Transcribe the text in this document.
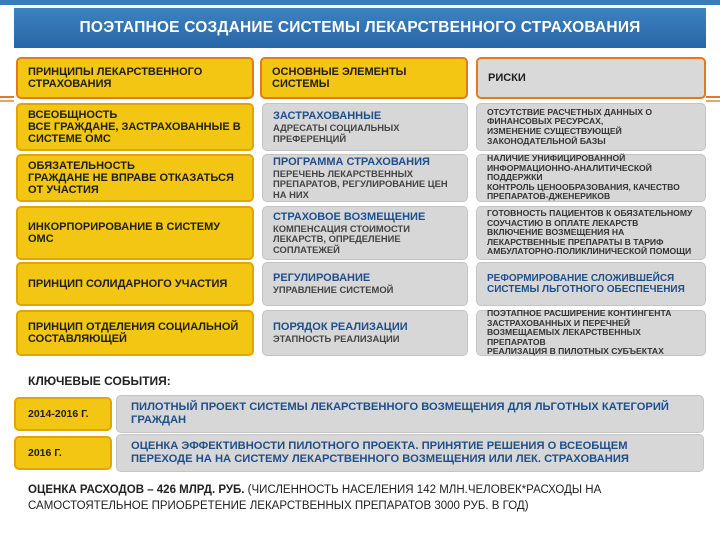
ПОЭТАПНОЕ СОЗДАНИЕ СИСТЕМЫ ЛЕКАРСТВЕННОГО СТРАХОВАНИЯ
ПРИНЦИПЫ ЛЕКАРСТВЕННОГО СТРАХОВАНИЯ
ОСНОВНЫЕ ЭЛЕМЕНТЫ СИСТЕМЫ
РИСКИ
ВСЕОБЩНОСТЬ
ВСЕ ГРАЖДАНЕ, ЗАСТРАХОВАННЫЕ В СИСТЕМЕ ОМС
ЗАСТРАХОВАННЫЕ
АДРЕСАТЫ СОЦИАЛЬНЫХ ПРЕФЕРЕНЦИЙ
ОТСУТСТВИЕ РАСЧЕТНЫХ ДАННЫХ О ФИНАНСОВЫХ РЕСУРСАХ,
ИЗМЕНЕНИЕ СУЩЕСТВУЮЩЕЙ ЗАКОНОДАТЕЛЬНОЙ БАЗЫ
ОБЯЗАТЕЛЬНОСТЬ
ГРАЖДАНЕ НЕ ВПРАВЕ ОТКАЗАТЬСЯ ОТ УЧАСТИЯ
ПРОГРАММА СТРАХОВАНИЯ
ПЕРЕЧЕНЬ ЛЕКАРСТВЕННЫХ ПРЕПАРАТОВ, РЕГУЛИРОВАНИЕ ЦЕН НА НИХ
НАЛИЧИЕ УНИФИЦИРОВАННОЙ ИНФОРМАЦИОННО-АНАЛИТИЧЕСКОЙ ПОДДЕРЖКИ
КОНТРОЛЬ ЦЕНООБРАЗОВАНИЯ, КАЧЕСТВО ПРЕПАРАТОВ-ДЖЕНЕРИКОВ
ИНКОРПОРИРОВАНИЕ В СИСТЕМУ ОМС
СТРАХОВОЕ ВОЗМЕЩЕНИЕ
КОМПЕНСАЦИЯ СТОИМОСТИ ЛЕКАРСТВ, ОПРЕДЕЛЕНИЕ СОПЛАТЕЖЕЙ
ГОТОВНОСТЬ ПАЦИЕНТОВ К ОБЯЗАТЕЛЬНОМУ СОУЧАСТИЮ В ОПЛАТЕ ЛЕКАРСТВ
ВКЛЮЧЕНИЕ ВОЗМЕЩЕНИЯ НА ЛЕКАРСТВЕННЫЕ ПРЕПАРАТЫ В ТАРИФ АМБУЛАТОРНО-ПОЛИКЛИНИЧЕСКОЙ ПОМОЩИ
ПРИНЦИП СОЛИДАРНОГО УЧАСТИЯ	РЕГУЛИРОВАНИЕ
УПРАВЛЕНИЕ СИСТЕМОЙ
РЕФОРМИРОВАНИЕ СЛОЖИВШЕЙСЯ СИСТЕМЫ ЛЬГОТНОГО ОБЕСПЕЧЕНИЯ
ПРИНЦИП ОТДЕЛЕНИЯ СОЦИАЛЬНОЙ СОСТАВЛЯЮЩЕЙ
ПОРЯДОК РЕАЛИЗАЦИИ
ЭТАПНОСТЬ РЕАЛИЗАЦИИ
ПОЭТАПНОЕ РАСШИРЕНИЕ КОНТИНГЕНТА ЗАСТРАХОВАННЫХ И ПЕРЕЧНЕЙ ВОЗМЕЩАЕМЫХ ЛЕКАРСТВЕННЫХ ПРЕПАРАТОВ
РЕАЛИЗАЦИЯ В ПИЛОТНЫХ СУБЪЕКТАХ
КЛЮЧЕВЫЕ СОБЫТИЯ:
2014-2016 Г.
ПИЛОТНЫЙ ПРОЕКТ СИСТЕМЫ ЛЕКАРСТВЕННОГО ВОЗМЕЩЕНИЯ ДЛЯ ЛЬГОТНЫХ КАТЕГОРИЙ ГРАЖДАН
2016 Г.
ОЦЕНКА ЭФФЕКТИВНОСТИ ПИЛОТНОГО ПРОЕКТА. ПРИНЯТИЕ РЕШЕНИЯ О ВСЕОБЩЕМ ПЕРЕХОДЕ НА НА СИСТЕМУ ЛЕКАРСТВЕННОГО ВОЗМЕЩЕНИЯ ИЛИ ЛЕК. СТРАХОВАНИЯ
ОЦЕНКА РАСХОДОВ – 426 МЛРД. РУБ. (ЧИСЛЕННОСТЬ НАСЕЛЕНИЯ 142 МЛН.ЧЕЛОВЕК*РАСХОДЫ НА САМОСТОЯТЕЛЬНОЕ ПРИОБРЕТЕНИЕ ЛЕКАРСТВЕННЫХ ПРЕПАРАТОВ 3000 РУБ. В ГОД)
